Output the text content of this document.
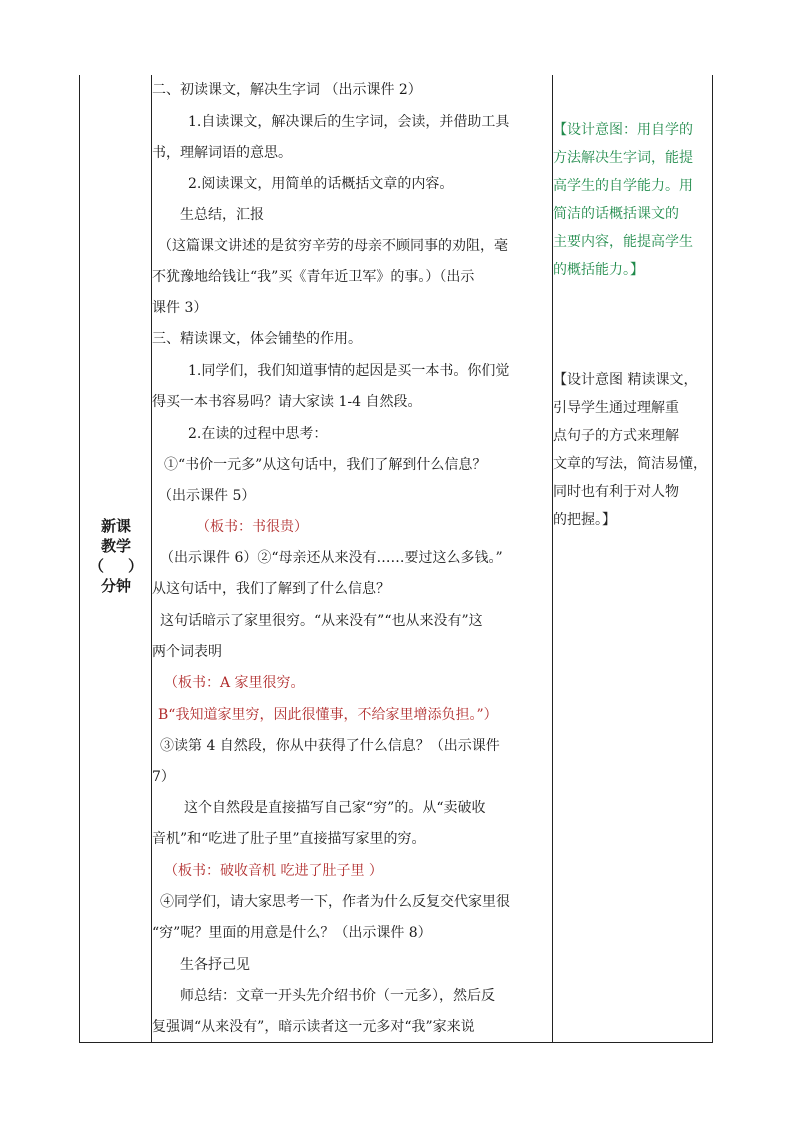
新课
教学
（ ）
分钟
二、初读课文，解决生字词 （出示课件 2）
1.自读课文，解决课后的生字词，会读，并借助工具
书，理解词语的意思。
2.阅读课文，用简单的话概括文章的内容。
生总结，汇报
（这篇课文讲述的是贫穷辛劳的母亲不顾同事的劝阻，毫
不犹豫地给钱让“我”买《青年近卫军》的事。）（出示
课件 3）
三、精读课文，体会铺垫的作用。
1.同学们，我们知道事情的起因是买一本书。你们觉
得买一本书容易吗？请大家读 1-4 自然段。
2.在读的过程中思考：
①“书价一元多”从这句话中，我们了解到什么信息？
（出示课件 5）
（板书：书很贵）
（出示课件 6）②“母亲还从来没有……要过这么多钱。”
从这句话中，我们了解到了什么信息？
这句话暗示了家里很穷。“从来没有”“也从来没有”这
两个词表明
（板书：A 家里很穷。
B“我知道家里穷，因此很懂事，不给家里增添负担。”）
③读第 4 自然段，你从中获得了什么信息？（出示课件
7）
这个自然段是直接描写自己家“穷”的。从“卖破收
音机”和“吃进了肚子里”直接描写家里的穷。
（板书：破收音机 吃进了肚子里 ）
④同学们，请大家思考一下，作者为什么反复交代家里很
“穷”呢？里面的用意是什么？（出示课件 8）
生各抒己见
师总结：文章一开头先介绍书价（一元多），然后反
复强调“从来没有”，暗示读者这一元多对“我”家来说
【设计意图：用自学的
方法解决生字词，能提
高学生的自学能力。用
简洁的话概括课文的
主要内容，能提高学生
的概括能力。】
【设计意图 精读课文，
引导学生通过理解重
点句子的方式来理解
文章的写法，简洁易懂，
同时也有利于对人物
的把握。】
